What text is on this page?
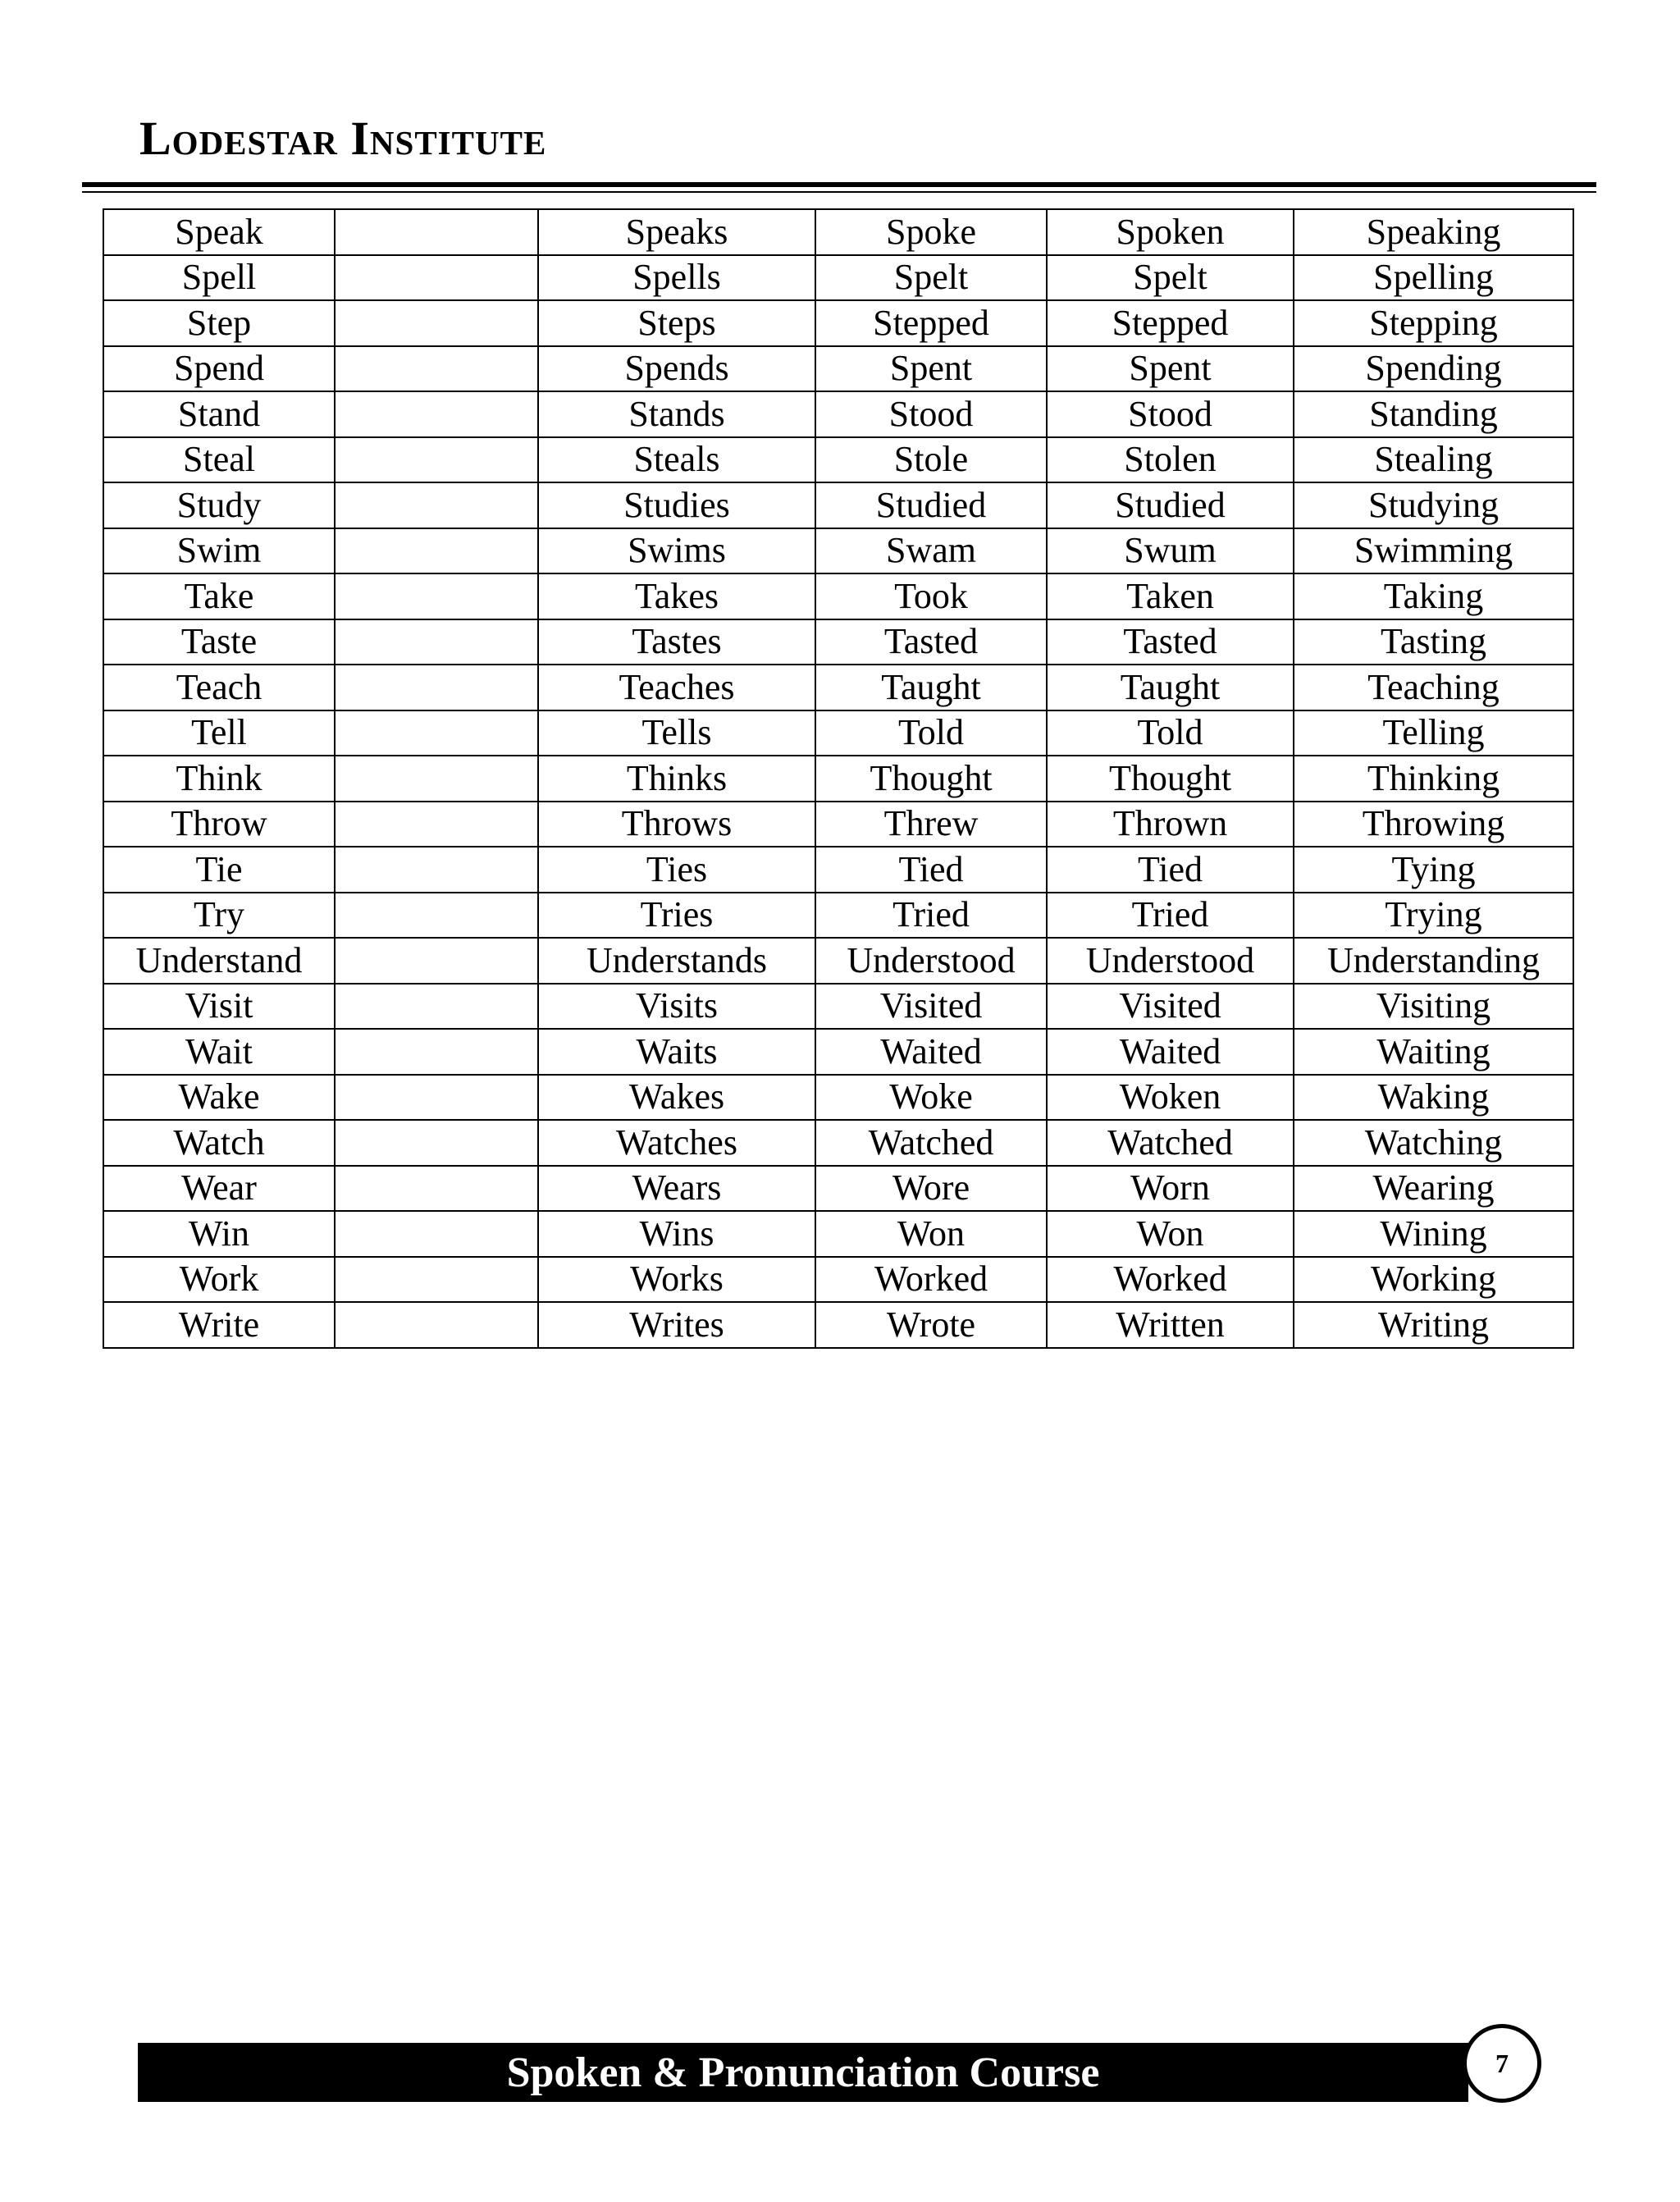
Lodestar Institute
Speak		Speaks	Spoke	Spoken	Speaking
Spell		Spells	Spelt	Spelt	Spelling
Step		Steps	Stepped	Stepped	Stepping
Spend		Spends	Spent	Spent	Spending
Stand		Stands	Stood	Stood	Standing
Steal		Steals	Stole	Stolen	Stealing
Study		Studies	Studied	Studied	Studying
Swim		Swims	Swam	Swum	Swimming
Take		Takes	Took	Taken	Taking
Taste		Tastes	Tasted	Tasted	Tasting
Teach		Teaches	Taught	Taught	Teaching
Tell		Tells	Told	Told	Telling
Think		Thinks	Thought	Thought	Thinking
Throw		Throws	Threw	Thrown	Throwing
Tie		Ties	Tied	Tied	Tying
Try		Tries	Tried	Tried	Trying
Understand		Understands	Understood	Understood	Understanding
Visit		Visits	Visited	Visited	Visiting
Wait		Waits	Waited	Waited	Waiting
Wake		Wakes	Woke	Woken	Waking
Watch		Watches	Watched	Watched	Watching
Wear		Wears	Wore	Worn	Wearing
Win		Wins	Won	Won	Wining
Work		Works	Worked	Worked	Working
Write		Writes	Wrote	Written	Writing
Spoken & Pronunciation Course	7
